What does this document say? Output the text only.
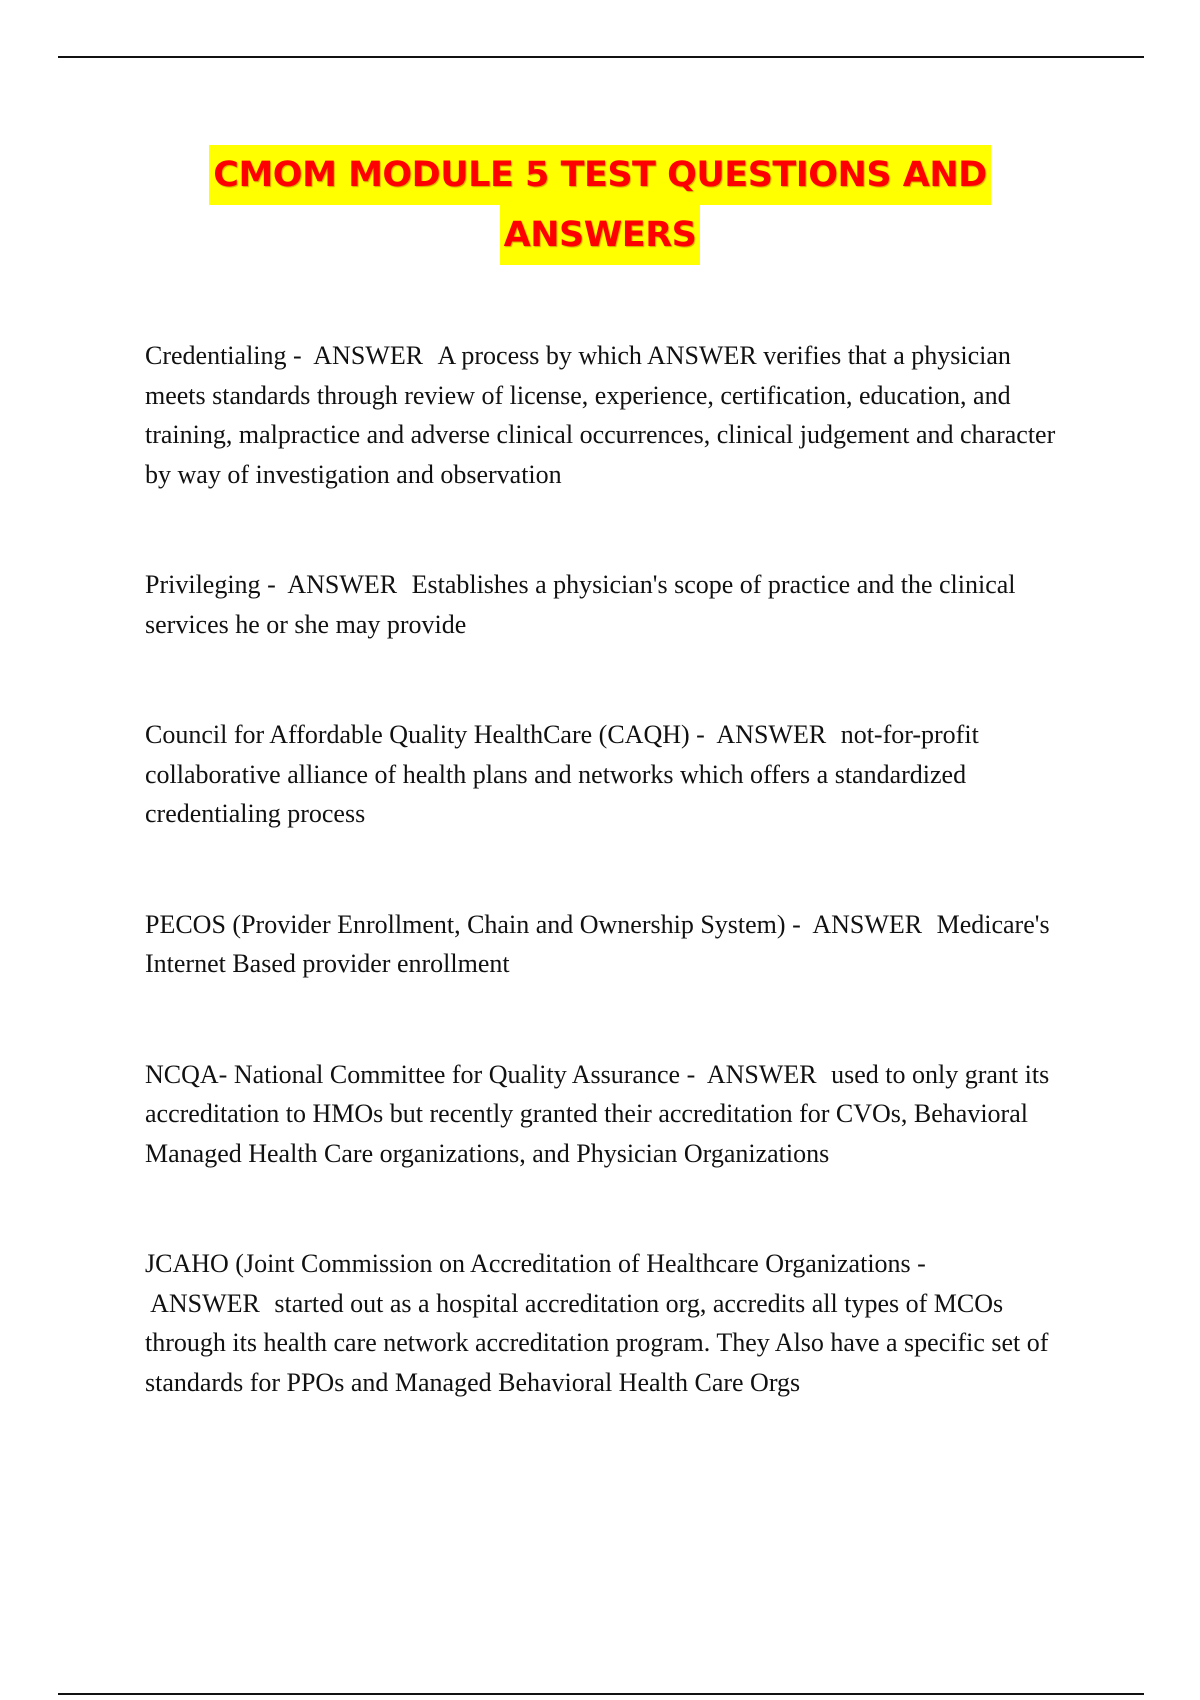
CMOM MODULE 5 TEST QUESTIONS AND
ANSWERS

Credentialing - ANSWER A process by which ANSWER verifies that a physician meets standards through review of license, experience, certification, education, and training, malpractice and adverse clinical occurrences, clinical judgement and character by way of investigation and observation

Privileging - ANSWER Establishes a physician's scope of practice and the clinical services he or she may provide

Council for Affordable Quality HealthCare (CAQH) - ANSWER not-for-profit collaborative alliance of health plans and networks which offers a standardized credentialing process

PECOS (Provider Enrollment, Chain and Ownership System) - ANSWER Medicare's Internet Based provider enrollment

NCQA- National Committee for Quality Assurance - ANSWER used to only grant its accreditation to HMOs but recently granted their accreditation for CVOs, Behavioral Managed Health Care organizations, and Physician Organizations

JCAHO (Joint Commission on Accreditation of Healthcare Organizations - ANSWER started out as a hospital accreditation org, accredits all types of MCOs through its health care network accreditation program. They Also have a specific set of standards for PPOs and Managed Behavioral Health Care Orgs
